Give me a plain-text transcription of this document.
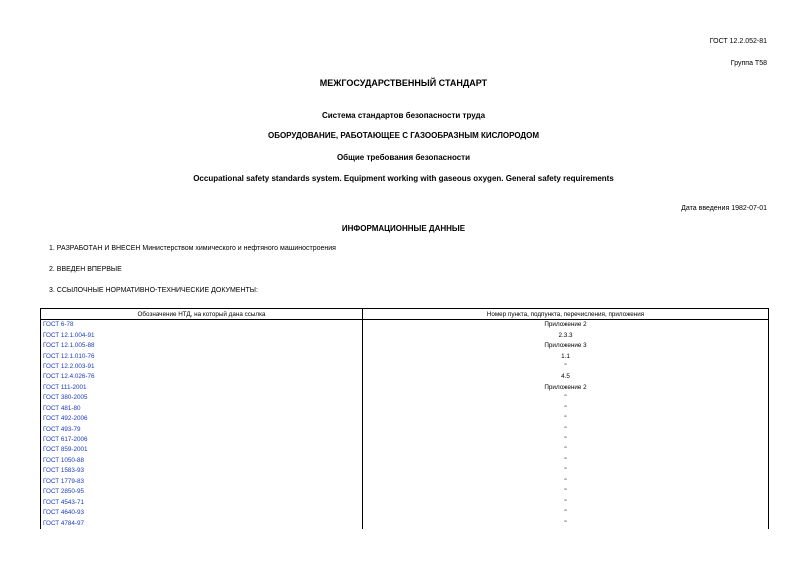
ГОСТ 12.2.052-81
Группа Т58
МЕЖГОСУДАРСТВЕННЫЙ СТАНДАРТ
Система стандартов безопасности труда
ОБОРУДОВАНИЕ, РАБОТАЮЩЕЕ С ГАЗООБРАЗНЫМ КИСЛОРОДОМ
Общие требования безопасности
Occupational safety standards system. Equipment working with gaseous oxygen. General safety requirements
Дата введения 1982-07-01
ИНФОРМАЦИОННЫЕ ДАННЫЕ
1. РАЗРАБОТАН И ВНЕСЕН Министерством химического и нефтяного машиностроения
2. ВВЕДЕН ВПЕРВЫЕ
3. ССЫЛОЧНЫЕ НОРМАТИВНО-ТЕХНИЧЕСКИЕ ДОКУМЕНТЫ:
Обозначение НТД, на который дана ссылка	Номер пункта, подпункта, перечисления, приложения
ГОСТ 6-78	Приложение 2
ГОСТ 12.1.004-91	2.3.3
ГОСТ 12.1.005-88	Приложение 3
ГОСТ 12.1.010-76	1.1
ГОСТ 12.2.003-91	"
ГОСТ 12.4.026-76	4.5
ГОСТ 111-2001	Приложение 2
ГОСТ 380-2005	"
ГОСТ 481-80	"
ГОСТ 492-2006	"
ГОСТ 493-79	"
ГОСТ 617-2006	"
ГОСТ 859-2001	"
ГОСТ 1050-88	"
ГОСТ 1583-93	"
ГОСТ 1779-83	"
ГОСТ 2850-95	"
ГОСТ 4543-71	"
ГОСТ 4640-93	"
ГОСТ 4784-97	"
